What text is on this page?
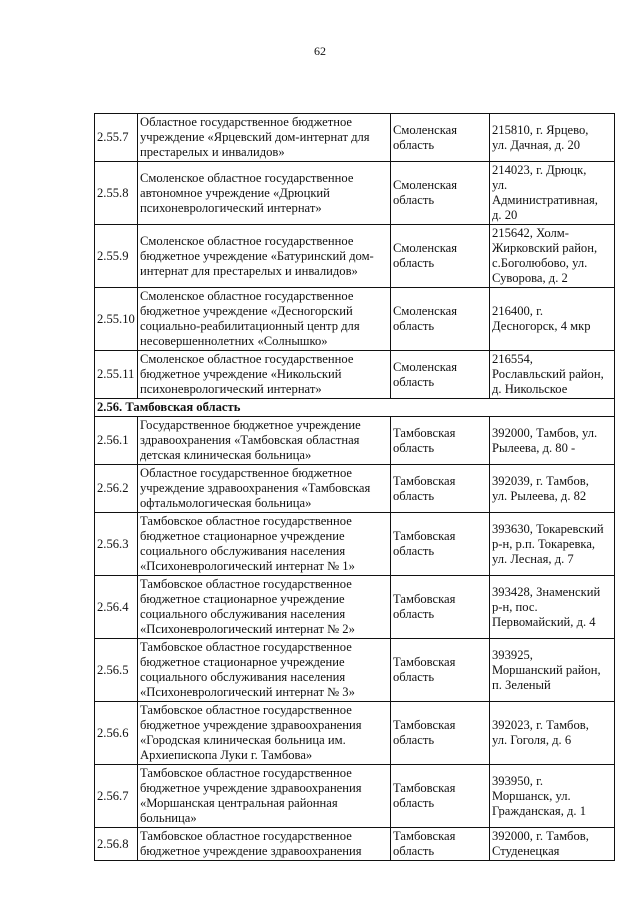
62
2.55.7	Областное государственное бюджетное
учреждение «Ярцевский дом-интернат для
престарелых и инвалидов»	Смоленская
область	215810, г. Ярцево,
ул. Дачная, д. 20
2.55.8	Смоленское областное государственное
автономное учреждение «Дрюцкий
психоневрологический интернат»	Смоленская
область	214023, г. Дрюцк,
ул.
Административная,
д. 20
2.55.9	Смоленское областное государственное
бюджетное учреждение «Батуринский дом-
интернат для престарелых и инвалидов»	Смоленская
область	215642, Холм-
Жирковский район,
с.Боголюбово, ул.
Суворова, д. 2
2.55.10	Смоленское областное государственное
бюджетное учреждение «Десногорский
социально-реабилитационный центр для
несовершеннолетних «Солнышко»	Смоленская
область	216400, г.
Десногорск, 4 мкр
2.55.11	Смоленское областное государственное
бюджетное учреждение «Никольский
психоневрологический интернат»	Смоленская
область	216554,
Рославльский район,
д. Никольское
2.56. Тамбовская область			
2.56.1	Государственное бюджетное учреждение
здравоохранения «Тамбовская областная
детская клиническая больница»	Тамбовская
область	392000, Тамбов, ул.
Рылеева, д. 80 -
2.56.2	Областное государственное бюджетное
учреждение здравоохранения «Тамбовская
офтальмологическая больница»	Тамбовская
область	392039, г. Тамбов,
ул. Рылеева, д. 82
2.56.3	Тамбовское областное государственное
бюджетное стационарное учреждение
социального обслуживания населения
«Психоневрологический интернат № 1»	Тамбовская
область	393630, Токаревский
р-н, р.п. Токаревка,
ул. Лесная, д. 7
2.56.4	Тамбовское областное государственное
бюджетное стационарное учреждение
социального обслуживания населения
«Психоневрологический интернат № 2»	Тамбовская
область	393428, Знаменский
р-н, пос.
Первомайский, д. 4
2.56.5	Тамбовское областное государственное
бюджетное стационарное учреждение
социального обслуживания населения
«Психоневрологический интернат № 3»	Тамбовская
область	393925,
Моршанский район,
п. Зеленый
2.56.6	Тамбовское областное государственное
бюджетное учреждение здравоохранения
«Городская клиническая больница им.
Архиепископа Луки г. Тамбова»	Тамбовская
область	392023, г. Тамбов,
ул. Гоголя, д. 6
2.56.7	Тамбовское областное государственное
бюджетное учреждение здравоохранения
«Моршанская центральная районная
больница»	Тамбовская
область	393950, г.
Моршанск, ул.
Гражданская, д. 1
2.56.8	Тамбовское областное государственное
бюджетное учреждение здравоохранения	Тамбовская
область	392000, г. Тамбов,
Студенецкая
